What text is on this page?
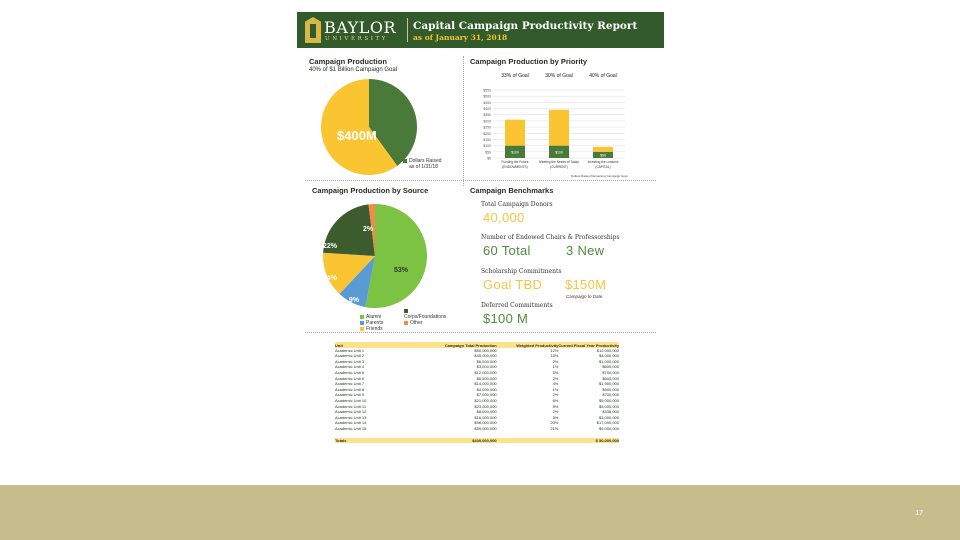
BAYLOR
UNIVERSITY
Capital Campaign Productivity Report
as of January 31, 2018
Campaign Production
40% of $1 Billion Campaign Goal
$400M
Dollars Raised
as of 1/31/18
Campaign Production by Priority
$0
$50
$100
$150
$200
$250
$300
$350
$400
$450
$500
$550
$100
33% of Goal
Funding the Future
(ENDOWMENTS)
$100
30% of Goal
Meeting the Needs of Today
(CURRENT)
$50
40% of Goal
Investing the Lessons
(CAPITAL)
Dollars Raised Remaining Campaign Goal
Campaign Production by Source
53%
9%
14%
22%
2%
Alumni	Corps/FoundationsParents	OtherFriends
Campaign Benchmarks
Total Campaign Donors
40,000
Number of Endowed Chairs & Professorships
60 Total	3 New
Scholarship Commitments
Goal TBD $150M
Campaign to Date
Deferred Commitments
$100 M
Unit	Campaign Total Production	Weighted Productivity	Current Fiscal Year Productivity
Academic Unit 1	$50,000,000	12%	$12,000,000
Academic Unit 2	$45,000,000	15%	$4,000,000
Academic Unit 3	$6,000,000	2%	$1,000,000
Academic Unit 4	$3,000,000	1%	$600,000
Academic Unit 5	$12,000,000	5%	$700,000
Academic Unit 6	$6,000,000	2%	$600,000
Academic Unit 7	$14,000,000	4%	$1,900,000
Academic Unit 8	$4,000,000	1%	$900,000
Academic Unit 9	$7,000,000	2%	$700,000
Academic Unit 10	$21,000,000	6%	$5,000,000
Academic Unit 11	$23,000,000	5%	$5,000,000
Academic Unit 12	$8,000,000	2%	$338,000
Academic Unit 13	$16,000,000	5%	$3,000,000
Academic Unit 14	$96,000,000	20%	$17,000,000
Academic Unit 15	$59,000,000	21%	$9,000,000

Totals	$400,000,000		$ 50,000,000
17
